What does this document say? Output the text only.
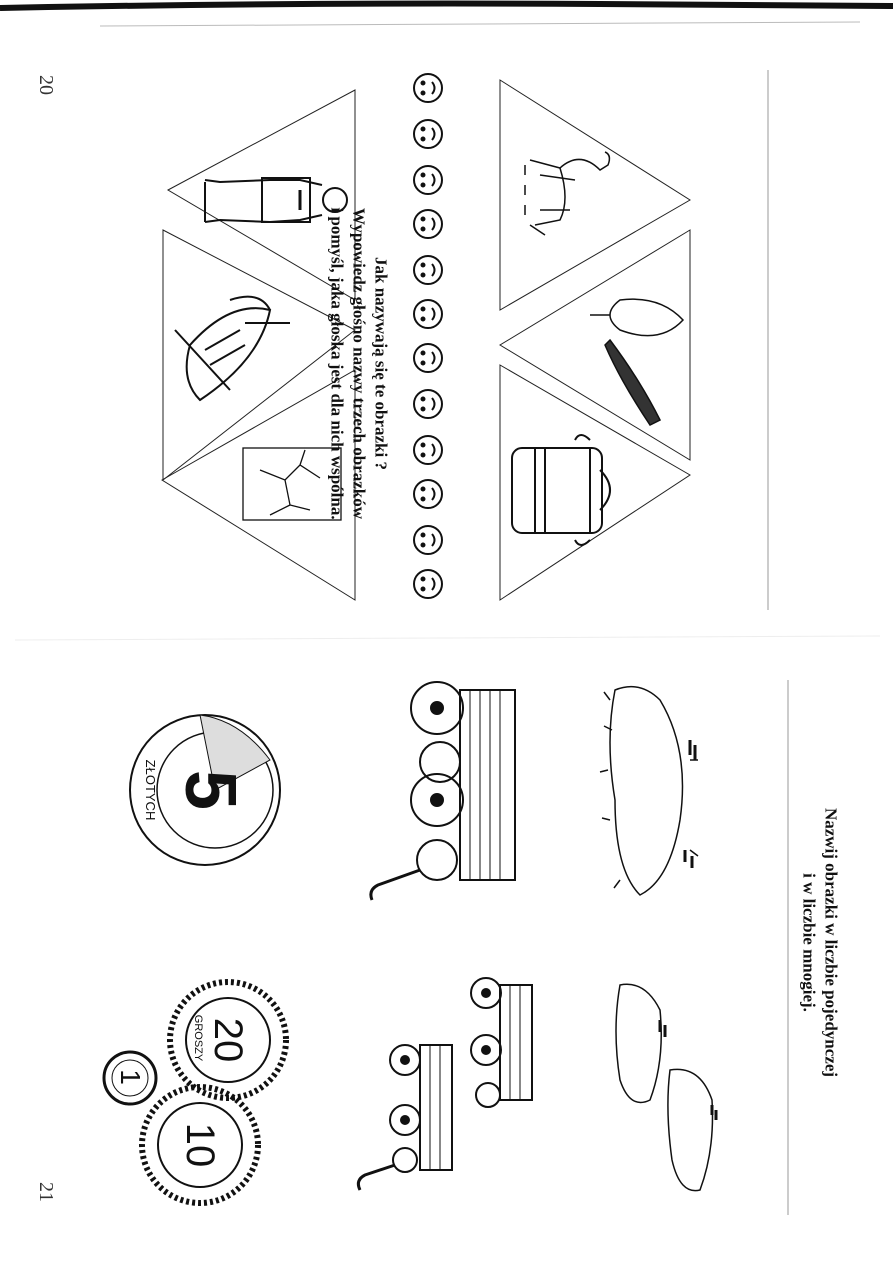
5
ZŁOTYCH
20
GROSZY
10
1
20
21
Jak nazywają się te obrazki ?
Wypowiedz głośno nazwy trzech obrazków
i pomyśl, jaka głoska jest dla nich wspólna.
Nazwij obrazki w liczbie pojedynczej
i w liczbie mnogiej.
